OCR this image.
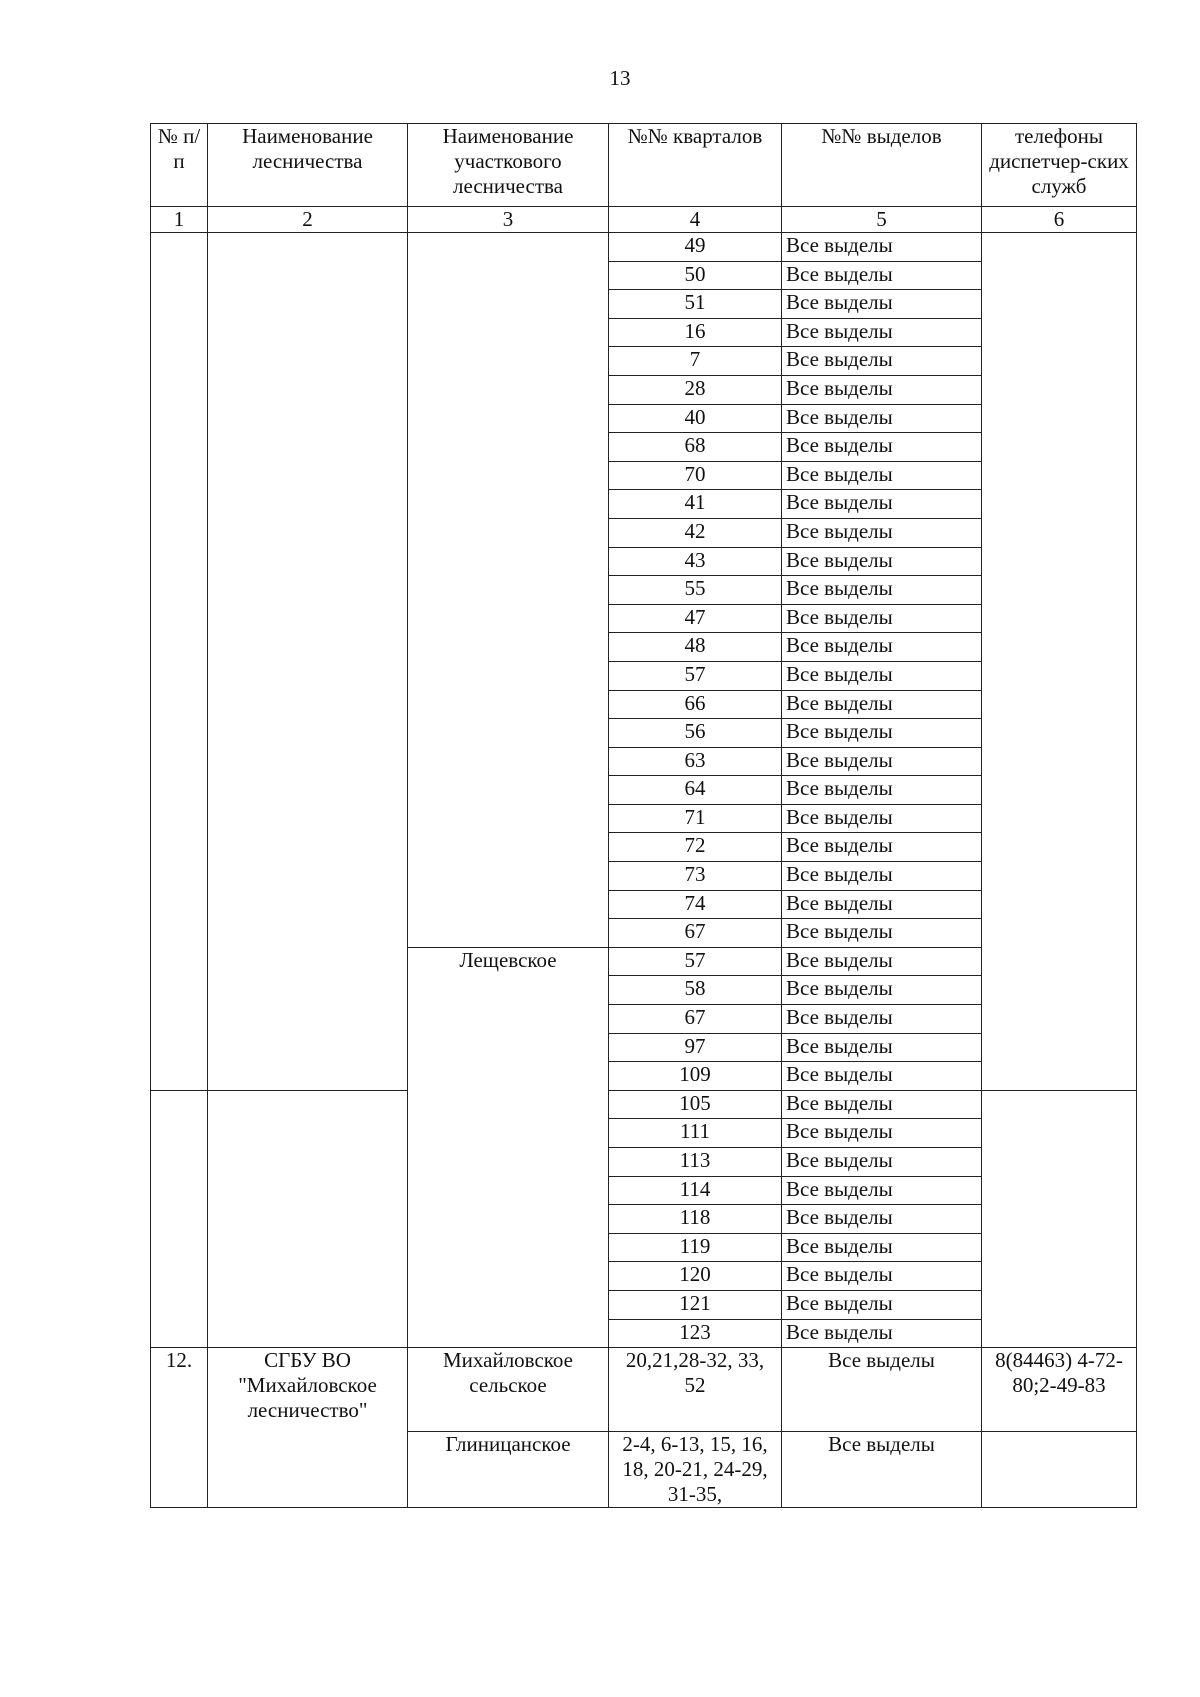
13
№ п/п	Наименование лесничества	Наименование участкового лесничества	№№ кварталов	№№ выделов	телефоны диспетчер-ских служб
1	2	3	4	5	6
			49	Все выделы	
			50	Все выделы	
			51	Все выделы	
			16	Все выделы	
			7	Все выделы	
			28	Все выделы	
			40	Все выделы	
			68	Все выделы	
			70	Все выделы	
			41	Все выделы	
			42	Все выделы	
			43	Все выделы	
			55	Все выделы	
			47	Все выделы	
			48	Все выделы	
			57	Все выделы	
			66	Все выделы	
			56	Все выделы	
			63	Все выделы	
			64	Все выделы	
			71	Все выделы	
			72	Все выделы	
			73	Все выделы	
			74	Все выделы	
			67	Все выделы	
		Лещевское	57	Все выделы	
			58	Все выделы	
			67	Все выделы	
			97	Все выделы	
			109	Все выделы	
			105	Все выделы	
			111	Все выделы	
			113	Все выделы	
			114	Все выделы	
			118	Все выделы	
			119	Все выделы	
			120	Все выделы	
			121	Все выделы	
			123	Все выделы	
12.	СГБУ ВО "Михайловское лесничество"	Михайловское сельское	20,21,28-32, 33, 52	Все выделы	8(84463) 4-72-80;2-49-83
		Глиницанское	2-4, 6-13, 15, 16, 18, 20-21, 24-29, 31-35,	Все выделы	
